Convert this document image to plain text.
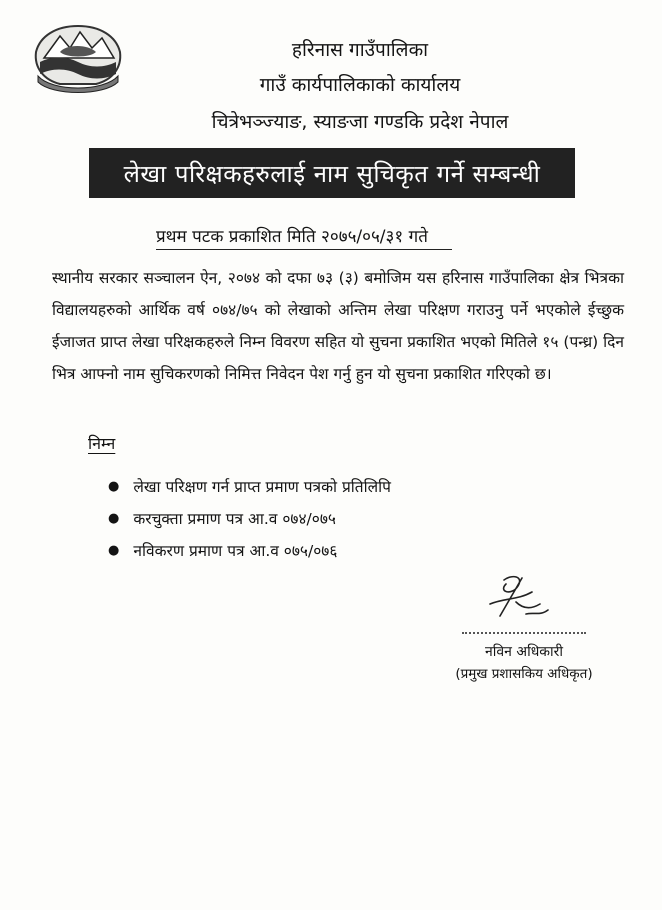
हरिनास गाउँपालिका
गाउँ कार्यपालिकाको कार्यालय
चित्रेभञ्ज्याङ, स्याङजा गण्डकि प्रदेश नेपाल
लेखा परिक्षकहरुलाई नाम सुचिकृत गर्ने सम्बन्धी
प्रथम पटक प्रकाशित मिति २०७५/०५/३१ गते

स्थानीय सरकार सञ्चालन ऐन, २०७४ को दफा ७३ (३) बमोजिम यस हरिनास गाउँपालिका क्षेत्र भित्रका विद्यालयहरुको आर्थिक वर्ष ०७४/७५ को लेखाको अन्तिम लेखा परिक्षण गराउनु पर्ने भएकोले ईच्छुक ईजाजत प्राप्त लेखा परिक्षकहरुले निम्न विवरण सहित यो सुचना प्रकाशित भएको मितिले १५ (पन्ध्र) दिन भित्र आफ्नो नाम सुचिकरणको निमित्त निवेदन पेश गर्नु हुन यो सुचना प्रकाशित गरिएको छ।

निम्न
● लेखा परिक्षण गर्न प्राप्त प्रमाण पत्रको प्रतिलिपि
● करचुक्ता प्रमाण पत्र आ.व ०७४/०७५
● नविकरण प्रमाण पत्र आ.व ०७५/०७६
नविन अधिकारी
(प्रमुख प्रशासकिय अधिकृत)
